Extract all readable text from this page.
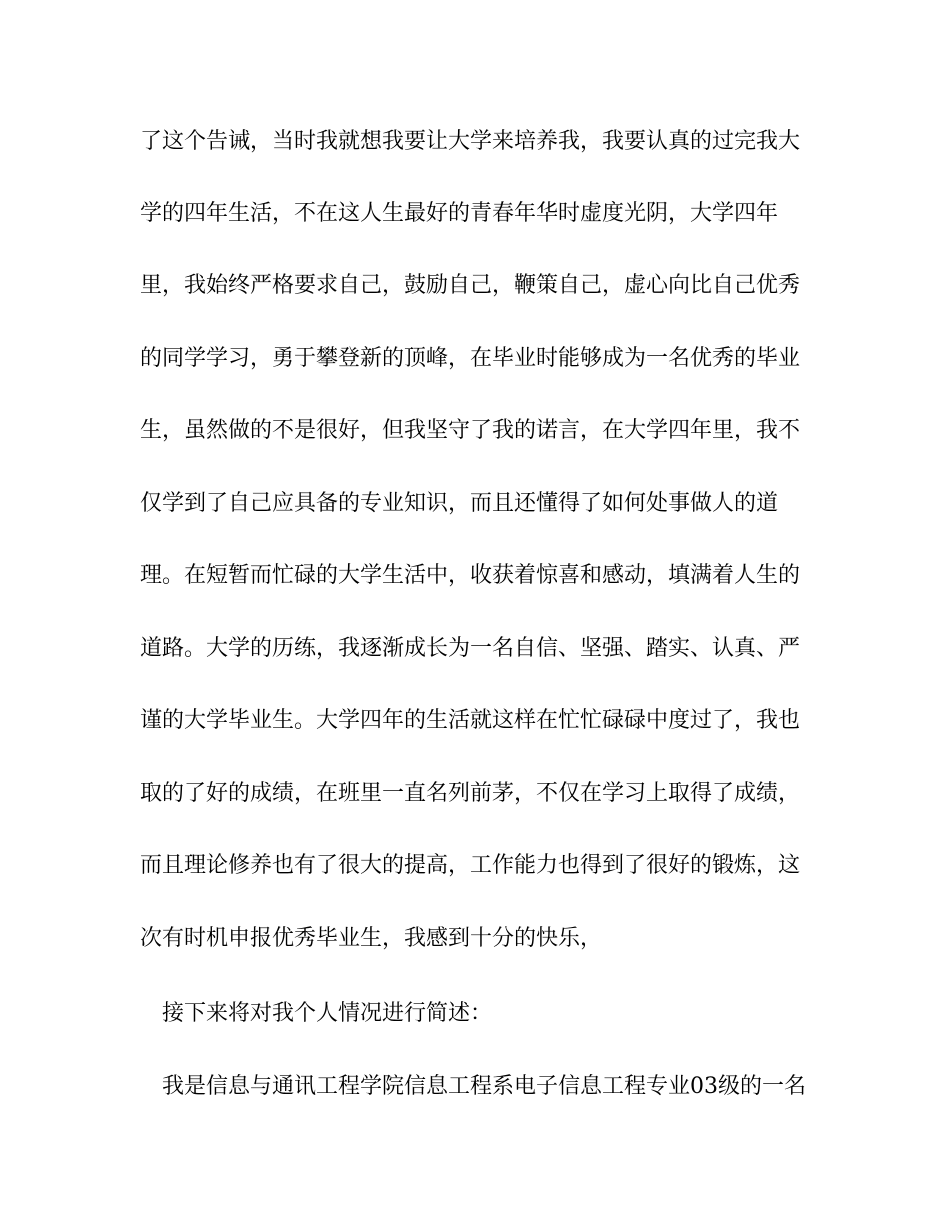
了这个告诫，当时我就想我要让大学来培养我，我要认真的过完我大
学的四年生活，不在这人生最好的青春年华时虚度光阴，大学四年
里，我始终严格要求自己，鼓励自己，鞭策自己，虚心向比自己优秀
的同学学习，勇于攀登新的顶峰，在毕业时能够成为一名优秀的毕业
生，虽然做的不是很好，但我坚守了我的诺言，在大学四年里，我不
仅学到了自己应具备的专业知识，而且还懂得了如何处事做人的道
理。在短暂而忙碌的大学生活中，收获着惊喜和感动，填满着人生的
道路。大学的历练，我逐渐成长为一名自信、坚强、踏实、认真、严
谨的大学毕业生。大学四年的生活就这样在忙忙碌碌中度过了，我也
取的了好的成绩，在班里一直名列前茅，不仅在学习上取得了成绩，
而且理论修养也有了很大的提高，工作能力也得到了很好的锻炼，这
次有时机申报优秀毕业生，我感到十分的快乐，
接下来将对我个人情况进行简述：
我是信息与通讯工程学院信息工程系电子信息工程专业03级的一名
